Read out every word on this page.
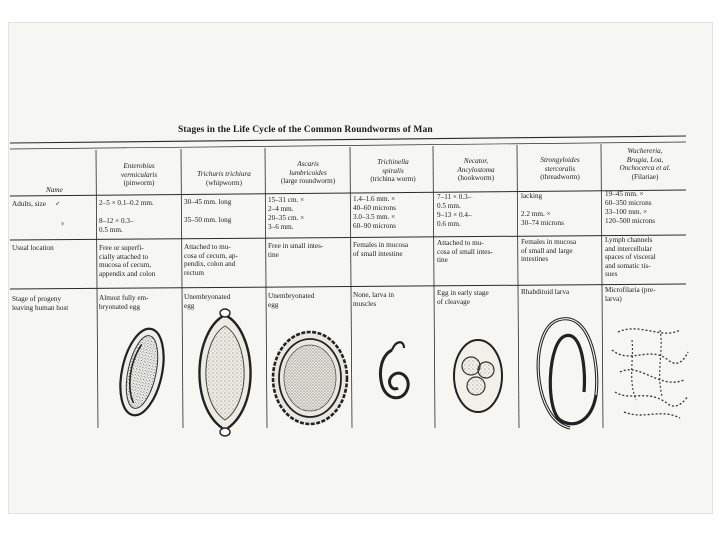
Stages in the Life Cycle of the Common Roundworms of Man
Name
Adults, size ♂
♀
Usual location
Stage of progeny
leaving human host
Enterobius
vermicularis
(pinworm)
2–5 × 0.1–0.2 mm.
8–12 × 0.3–
0.5 mm.
Free or superfi-
cially attached to
mucosa of cecum,
appendix and colon
Almost fully em-
bryonated egg
Trichuris trichiura
(whipworm)
30–45 mm. long
35–50 mm. long
Attached to mu-
cosa of cecum, ap-
pendix, colon and
rectum
Unembryonated
egg
Ascaris
lumbricoides
(large roundworm)
15–31 cm. ×
2–4 mm.
20–35 cm. ×
3–6 mm.
Free in small intes-
tine
Unembryonated
egg
Trichinella
spiralis
(trichina worm)
1.4–1.6 mm. ×
40–60 microns
3.0–3.5 mm. ×
60–90 microns
Females in mucosa
of small intestine
None, larva in
muscles
Necator,
Ancylostoma
(hookworm)
7–11 × 0.3–
0.5 mm.
9–13 × 0.4–
0.6 mm.
Attached to mu-
cosa of small intes-
tine
Egg in early stage
of cleavage
Strongyloides
stercoralis
(threadworm)
lacking
2.2 mm. ×
30–74 microns
Females in mucosa
of small and large
intestines
Rhabditoid larva
Wuchereria,
Brugia, Loa,
Onchocerca et al.
(Filariae)
19–45 mm. ×
60–350 microns
33–100 mm. ×
120–500 microns
Lymph channels
and intercellular
spaces of visceral
and somatic tis-
sues
Microfilaria (pre-
larva)
